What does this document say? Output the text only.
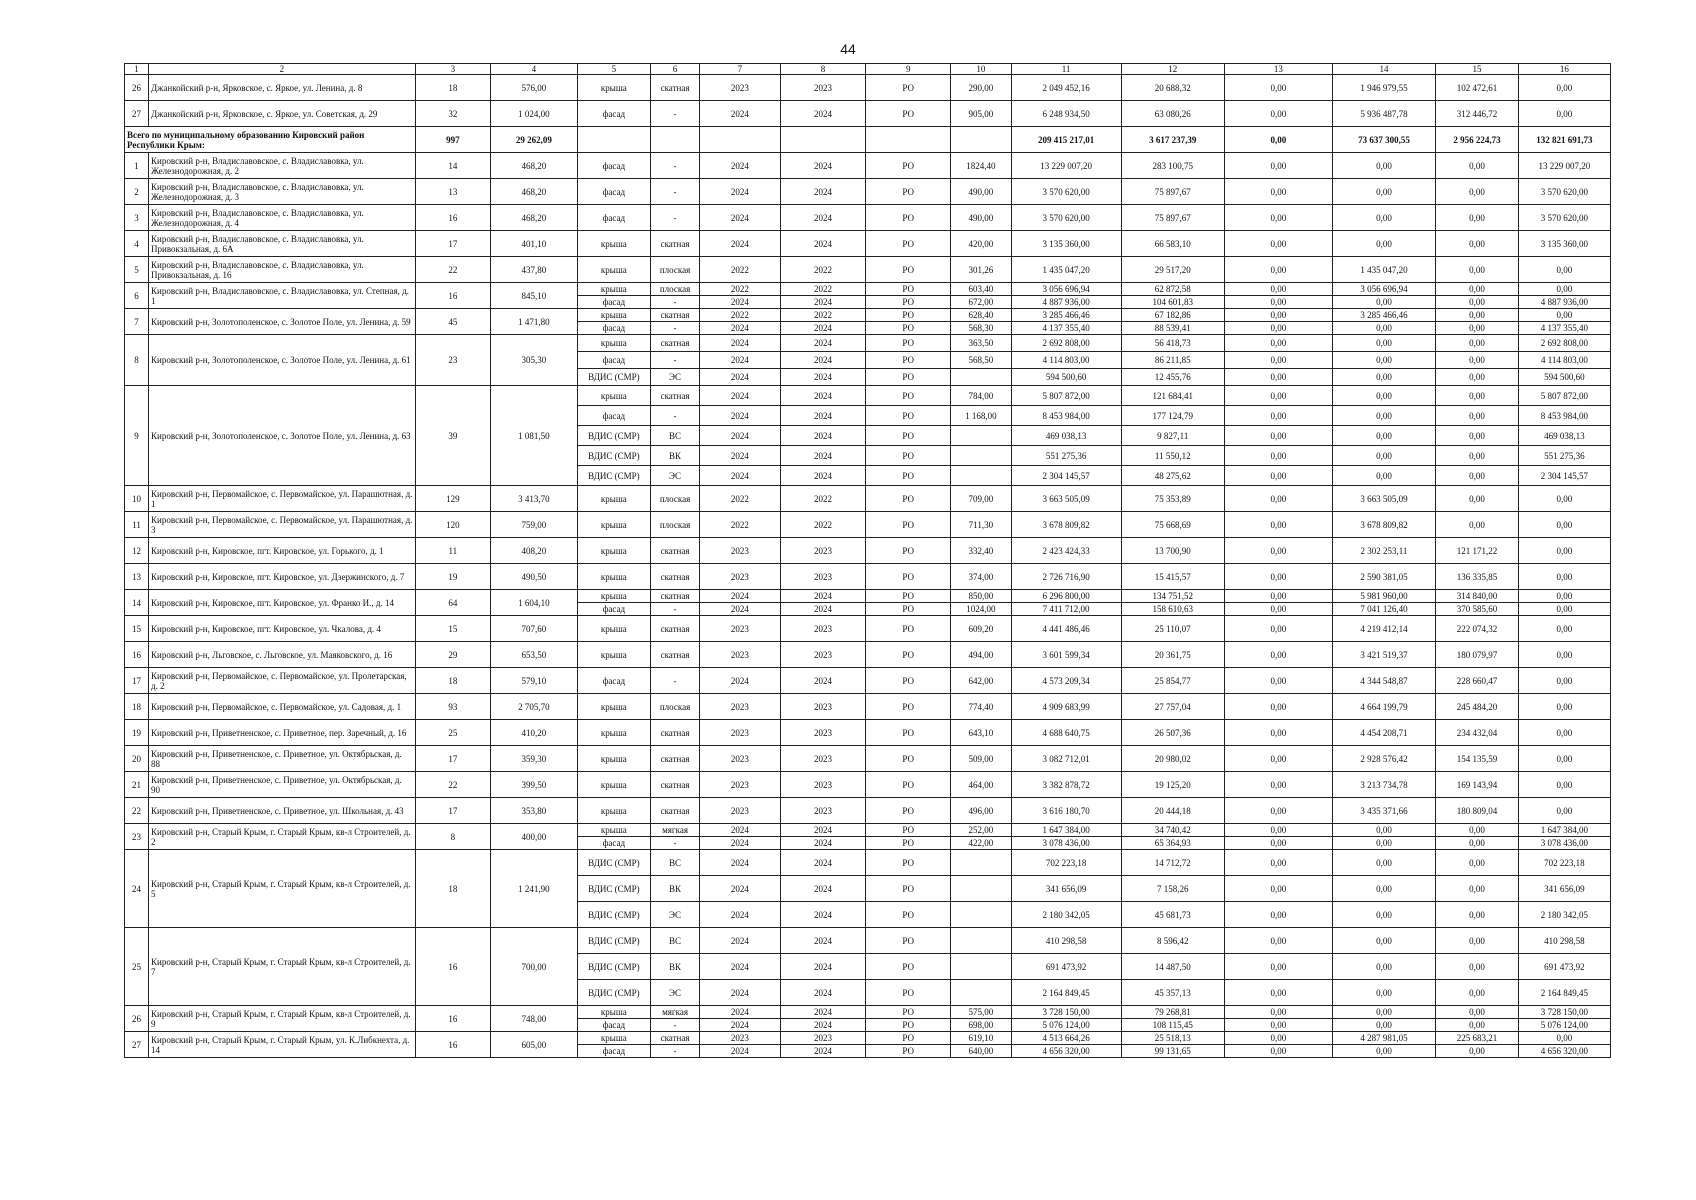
44
1	2	3	4	5	6	7	8	9	10	11	12	13	14	15	16
26	Джанкойский р-н, Ярковское, с. Яркое, ул. Ленина, д. 8	18	576,00	крыша	скатная	2023	2023	РО	290,00	2 049 452,16	20 688,32	0,00	1 946 979,55	102 472,61	0,00
27	Джанкойский р-н, Ярковское, с. Яркое, ул. Советская, д. 29	32	1 024,00	фасад	-	2024	2024	РО	905,00	6 248 934,50	63 080,26	0,00	5 936 487,78	312 446,72	0,00
Всего по муниципальному образованию Кировский район Республики Крым:		997	29 262,09							209 415 217,01	3 617 237,39	0,00	73 637 300,55	2 956 224,73	132 821 691,73
1	Кировский р-н, Владиславовское, с. Владиславовка, ул. Железнодорожная, д. 2	14	468,20	фасад	-	2024	2024	РО	1824,40	13 229 007,20	283 100,75	0,00	0,00	0,00	13 229 007,20
2	Кировский р-н, Владиславовское, с. Владиславовка, ул. Железнодорожная, д. 3	13	468,20	фасад	-	2024	2024	РО	490,00	3 570 620,00	75 897,67	0,00	0,00	0,00	3 570 620,00
3	Кировский р-н, Владиславовское, с. Владиславовка, ул. Железнодорожная, д. 4	16	468,20	фасад	-	2024	2024	РО	490,00	3 570 620,00	75 897,67	0,00	0,00	0,00	3 570 620,00
4	Кировский р-н, Владиславовское, с. Владиславовка, ул. Привокзальная, д. 6А	17	401,10	крыша	скатная	2024	2024	РО	420,00	3 135 360,00	66 583,10	0,00	0,00	0,00	3 135 360,00
5	Кировский р-н, Владиславовское, с. Владиславовка, ул. Привокзальная, д. 16	22	437,80	крыша	плоская	2022	2022	РО	301,26	1 435 047,20	29 517,20	0,00	1 435 047,20	0,00	0,00
6	Кировский р-н, Владиславовское, с. Владиславовка, ул. Степная, д. 1	16	845,10	крыша	плоская	2022	2022	РО	603,40	3 056 696,94	62 872,58	0,00	3 056 696,94	0,00	0,00
				фасад	-	2024	2024	РО	672,00	4 887 936,00	104 601,83	0,00	0,00	0,00	4 887 936,00
7	Кировский р-н, Золотополенское, с. Золотое Поле, ул. Ленина, д. 59	45	1 471,80	крыша	скатная	2022	2022	РО	628,40	3 285 466,46	67 182,86	0,00	3 285 466,46	0,00	0,00
				фасад	-	2024	2024	РО	568,30	4 137 355,40	88 539,41	0,00	0,00	0,00	4 137 355,40
8	Кировский р-н, Золотополенское, с. Золотое Поле, ул. Ленина, д. 61	23	305,30	крыша	скатная	2024	2024	РО	363,50	2 692 808,00	56 418,73	0,00	0,00	0,00	2 692 808,00
				фасад	-	2024	2024	РО	568,50	4 114 803,00	86 211,85	0,00	0,00	0,00	4 114 803,00
				ВДИС (СМР)	ЭС	2024	2024	РО		594 500,60	12 455,76	0,00	0,00	0,00	594 500,60
9	Кировский р-н, Золотополенское, с. Золотое Поле, ул. Ленина, д. 63	39	1 081,50	крыша	скатная	2024	2024	РО	784,00	5 807 872,00	121 684,41	0,00	0,00	0,00	5 807 872,00
				фасад	-	2024	2024	РО	1 168,00	8 453 984,00	177 124,79	0,00	0,00	0,00	8 453 984,00
				ВДИС (СМР)	ВС	2024	2024	РО		469 038,13	9 827,11	0,00	0,00	0,00	469 038,13
				ВДИС (СМР)	ВК	2024	2024	РО		551 275,36	11 550,12	0,00	0,00	0,00	551 275,36
				ВДИС (СМР)	ЭС	2024	2024	РО		2 304 145,57	48 275,62	0,00	0,00	0,00	2 304 145,57
10	Кировский р-н, Первомайское, с. Первомайское, ул. Парашютная, д. 1	129	3 413,70	крыша	плоская	2022	2022	РО	709,00	3 663 505,09	75 353,89	0,00	3 663 505,09	0,00	0,00
11	Кировский р-н, Первомайское, с. Первомайское, ул. Парашютная, д. 3	120	759,00	крыша	плоская	2022	2022	РО	711,30	3 678 809,82	75 668,69	0,00	3 678 809,82	0,00	0,00
12	Кировский р-н, Кировское, пгт. Кировское, ул. Горького, д. 1	11	408,20	крыша	скатная	2023	2023	РО	332,40	2 423 424,33	13 700,90	0,00	2 302 253,11	121 171,22	0,00
13	Кировский р-н, Кировское, пгт. Кировское, ул. Дзержинского, д. 7	19	490,50	крыша	скатная	2023	2023	РО	374,00	2 726 716,90	15 415,57	0,00	2 590 381,05	136 335,85	0,00
14	Кировский р-н, Кировское, пгт. Кировское, ул. Франко И., д. 14	64	1 604,10	крыша	скатная	2024	2024	РО	850,00	6 296 800,00	134 751,52	0,00	5 981 960,00	314 840,00	0,00
				фасад	-	2024	2024	РО	1024,00	7 411 712,00	158 610,63	0,00	7 041 126,40	370 585,60	0,00
15	Кировский р-н, Кировское, пгт. Кировское, ул. Чкалова, д. 4	15	707,60	крыша	скатная	2023	2023	РО	609,20	4 441 486,46	25 110,07	0,00	4 219 412,14	222 074,32	0,00
16	Кировский р-н, Льговское, с. Льговское, ул. Маяковского, д. 16	29	653,50	крыша	скатная	2023	2023	РО	494,00	3 601 599,34	20 361,75	0,00	3 421 519,37	180 079,97	0,00
17	Кировский р-н, Первомайское, с. Первомайское, ул. Пролетарская, д. 2	18	579,10	фасад	-	2024	2024	РО	642,00	4 573 209,34	25 854,77	0,00	4 344 548,87	228 660,47	0,00
18	Кировский р-н, Первомайское, с. Первомайское, ул. Садовая, д. 1	93	2 705,70	крыша	плоская	2023	2023	РО	774,40	4 909 683,99	27 757,04	0,00	4 664 199,79	245 484,20	0,00
19	Кировский р-н, Приветненское, с. Приветное, пер. Заречный, д. 16	25	410,20	крыша	скатная	2023	2023	РО	643,10	4 688 640,75	26 507,36	0,00	4 454 208,71	234 432,04	0,00
20	Кировский р-н, Приветненское, с. Приветное, ул. Октябрьская, д. 88	17	359,30	крыша	скатная	2023	2023	РО	509,00	3 082 712,01	20 980,02	0,00	2 928 576,42	154 135,59	0,00
21	Кировский р-н, Приветненское, с. Приветное, ул. Октябрьская, д. 90	22	399,50	крыша	скатная	2023	2023	РО	464,00	3 382 878,72	19 125,20	0,00	3 213 734,78	169 143,94	0,00
22	Кировский р-н, Приветненское, с. Приветное, ул. Школьная, д. 43	17	353,80	крыша	скатная	2023	2023	РО	496,00	3 616 180,70	20 444,18	0,00	3 435 371,66	180 809,04	0,00
23	Кировский р-н, Старый Крым, г. Старый Крым, кв-л Строителей, д. 2	8	400,00	крыша	мягкая	2024	2024	РО	252,00	1 647 384,00	34 740,42	0,00	0,00	0,00	1 647 384,00
				фасад	-	2024	2024	РО	422,00	3 078 436,00	65 364,93	0,00	0,00	0,00	3 078 436,00
24	Кировский р-н, Старый Крым, г. Старый Крым, кв-л Строителей, д. 5	18	1 241,90	ВДИС (СМР)	ВС	2024	2024	РО		702 223,18	14 712,72	0,00	0,00	0,00	702 223,18
				ВДИС (СМР)	ВК	2024	2024	РО		341 656,09	7 158,26	0,00	0,00	0,00	341 656,09
				ВДИС (СМР)	ЭС	2024	2024	РО		2 180 342,05	45 681,73	0,00	0,00	0,00	2 180 342,05
25	Кировский р-н, Старый Крым, г. Старый Крым, кв-л Строителей, д. 7	16	700,00	ВДИС (СМР)	ВС	2024	2024	РО		410 298,58	8 596,42	0,00	0,00	0,00	410 298,58
				ВДИС (СМР)	ВК	2024	2024	РО		691 473,92	14 487,50	0,00	0,00	0,00	691 473,92
				ВДИС (СМР)	ЭС	2024	2024	РО		2 164 849,45	45 357,13	0,00	0,00	0,00	2 164 849,45
26	Кировский р-н, Старый Крым, г. Старый Крым, кв-л Строителей, д. 9	16	748,00	крыша	мягкая	2024	2024	РО	575,00	3 728 150,00	79 268,81	0,00	0,00	0,00	3 728 150,00
				фасад	-	2024	2024	РО	698,00	5 076 124,00	108 115,45	0,00	0,00	0,00	5 076 124,00
27	Кировский р-н, Старый Крым, г. Старый Крым, ул. К.Либкнехта, д. 14	16	605,00	крыша	скатная	2023	2023	РО	619,10	4 513 664,26	25 518,13	0,00	4 287 981,05	225 683,21	0,00
				фасад	-	2024	2024	РО	640,00	4 656 320,00	99 131,65	0,00	0,00	0,00	4 656 320,00
